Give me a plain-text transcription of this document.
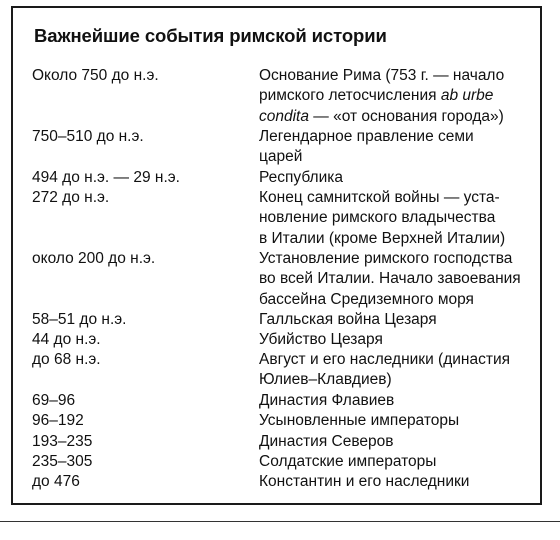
Важнейшие события римской истории
Около 750 до н.э.	Основание Рима (753 г. — начало
римского летосчисления ab urbe
condita — «от основания города»)
750–510 до н.э.	Легендарное правление семи
царей
494 до н.э. — 29 н.э.	Республика
272 до н.э.	Конец самнитской войны — уста-
новление римского владычества
в Италии (кроме Верхней Италии)
около 200 до н.э.	Установление римского господства
во всей Италии. Начало завоевания
бассейна Средиземного моря
58–51 до н.э.	Галльская война Цезаря
44 до н.э.	Убийство Цезаря
до 68 н.э.	Август и его наследники (династия
Юлиев–Клавдиев)
69–96	Династия Флавиев
96–192	Усыновленные императоры
193–235	Династия Северов
235–305	Солдатские императоры
до 476	Константин и его наследники
